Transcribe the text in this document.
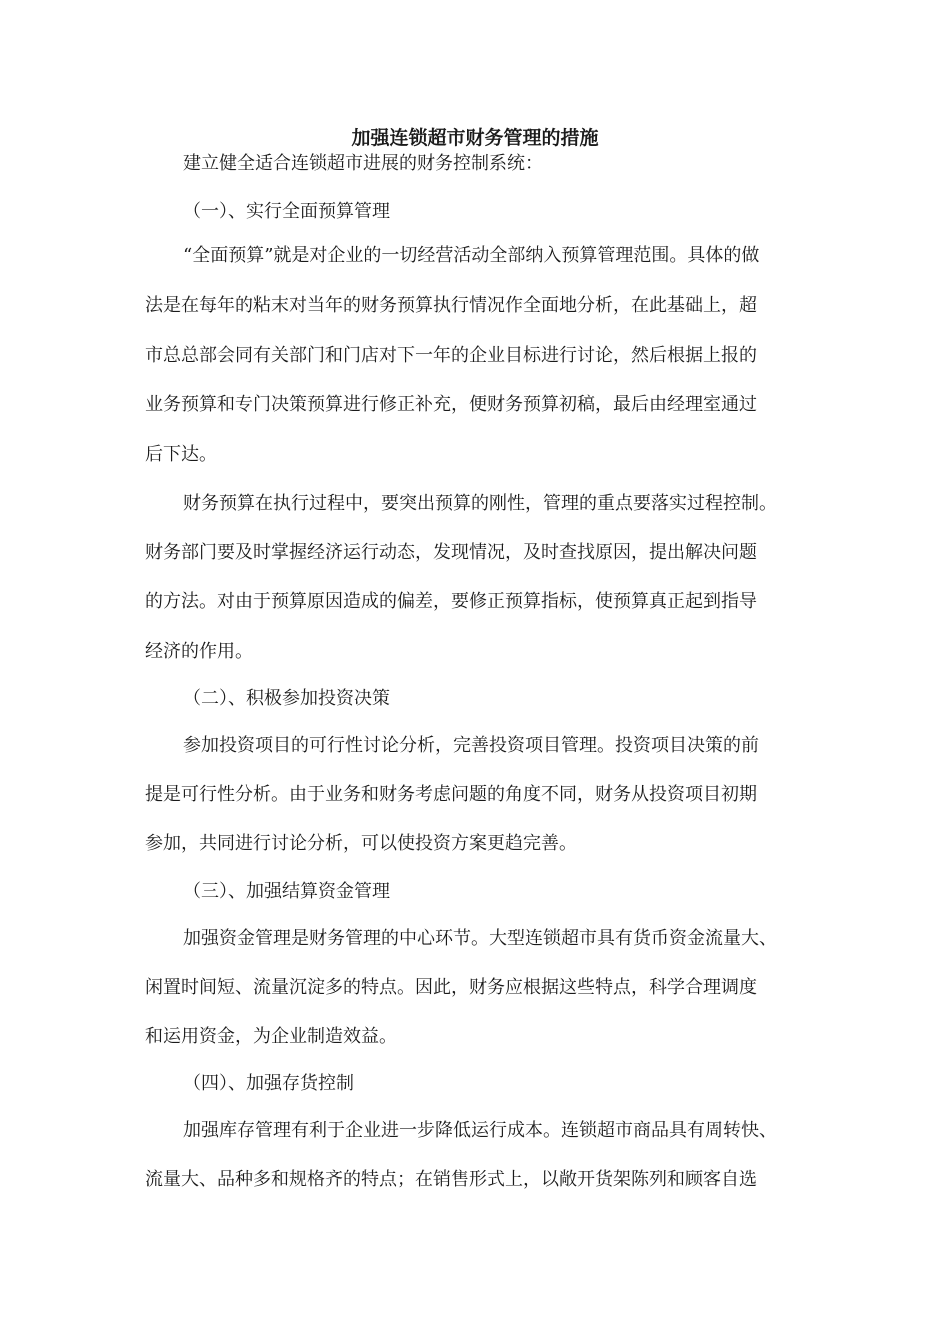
加强连锁超市财务管理的措施

建立健全适合连锁超市进展的财务控制系统：

（一）、实行全面预算管理

“全面预算”就是对企业的一切经营活动全部纳入预算管理范围。具体的做

法是在每年的粘末对当年的财务预算执行情况作全面地分析，在此基础上，超

市总总部会同有关部门和门店对下一年的企业目标进行讨论，然后根据上报的

业务预算和专门决策预算进行修正补充，便财务预算初稿，最后由经理室通过

后下达。

财务预算在执行过程中，要突出预算的刚性，管理的重点要落实过程控制。

财务部门要及时掌握经济运行动态，发现情况，及时查找原因，提出解决问题

的方法。对由于预算原因造成的偏差，要修正预算指标，使预算真正起到指导

经济的作用。

（二）、积极参加投资决策

参加投资项目的可行性讨论分析，完善投资项目管理。投资项目决策的前

提是可行性分析。由于业务和财务考虑问题的角度不同，财务从投资项目初期

参加，共同进行讨论分析，可以使投资方案更趋完善。

（三）、加强结算资金管理

加强资金管理是财务管理的中心环节。大型连锁超市具有货币资金流量大、

闲置时间短、流量沉淀多的特点。因此，财务应根据这些特点，科学合理调度

和运用资金，为企业制造效益。

（四）、加强存货控制

加强库存管理有利于企业进一步降低运行成本。连锁超市商品具有周转快、

流量大、品种多和规格齐的特点；在销售形式上，以敞开货架陈列和顾客自选
